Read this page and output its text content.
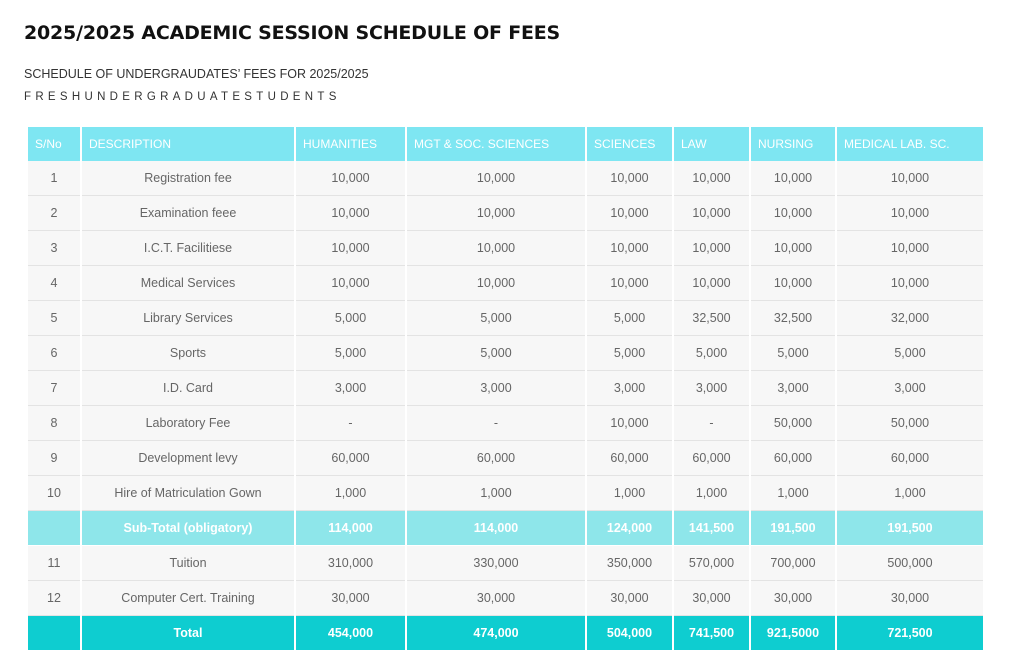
2025/2025 ACADEMIC SESSION SCHEDULE OF FEES
SCHEDULE OF UNDERGRAUDATES’ FEES FOR 2025/2025
FRESHUNDERGRADUATESTUDENTS
S/No	DESCRIPTION	HUMANITIES	MGT & SOC. SCIENCES	SCIENCES	LAW	NURSING	MEDICAL LAB. SC.
1	Registration fee	10,000	10,000	10,000	10,000	10,000	10,000
2	Examination feee	10,000	10,000	10,000	10,000	10,000	10,000
3	I.C.T. Facilitiese	10,000	10,000	10,000	10,000	10,000	10,000
4	Medical Services	10,000	10,000	10,000	10,000	10,000	10,000
5	Library Services	5,000	5,000	5,000	32,500	32,500	32,000
6	Sports	5,000	5,000	5,000	5,000	5,000	5,000
7	I.D. Card	3,000	3,000	3,000	3,000	3,000	3,000
8	Laboratory Fee	-	-	10,000	-	50,000	50,000
9	Development levy	60,000	60,000	60,000	60,000	60,000	60,000
10	Hire of Matriculation Gown	1,000	1,000	1,000	1,000	1,000	1,000
	Sub-Total (obligatory)	114,000	114,000	124,000	141,500	191,500	191,500
11	Tuition	310,000	330,000	350,000	570,000	700,000	500,000
12	Computer Cert. Training	30,000	30,000	30,000	30,000	30,000	30,000
	Total	454,000	474,000	504,000	741,500	921,5000	721,500
